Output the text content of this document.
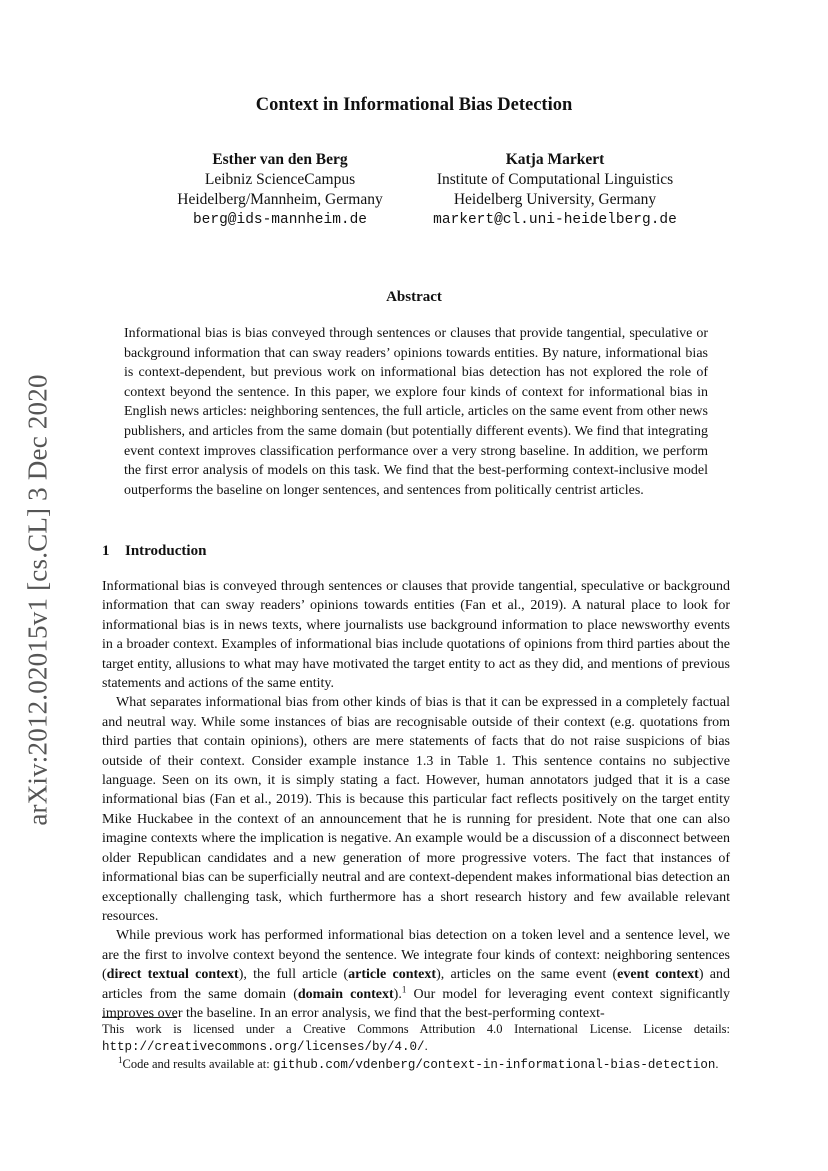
arXiv:2012.02015v1 [cs.CL] 3 Dec 2020
Context in Informational Bias Detection
Esther van den Berg
Leibniz ScienceCampus
Heidelberg/Mannheim, Germany
berg@ids-mannheim.de
Katja Markert
Institute of Computational Linguistics
Heidelberg University, Germany
markert@cl.uni-heidelberg.de
Abstract

Informational bias is bias conveyed through sentences or clauses that provide tangential, speculative or background information that can sway readers’ opinions towards entities. By nature, informational bias is context-dependent, but previous work on informational bias detection has not explored the role of context beyond the sentence. In this paper, we explore four kinds of context for informational bias in English news articles: neighboring sentences, the full article, articles on the same event from other news publishers, and articles from the same domain (but potentially different events). We find that integrating event context improves classification performance over a very strong baseline. In addition, we perform the first error analysis of models on this task. We find that the best-performing context-inclusive model outperforms the baseline on longer sentences, and sentences from politically centrist articles.

1 Introduction

Informational bias is conveyed through sentences or clauses that provide tangential, speculative or background information that can sway readers’ opinions towards entities (Fan et al., 2019). A natural place to look for informational bias is in news texts, where journalists use background information to place newsworthy events in a broader context. Examples of informational bias include quotations of opinions from third parties about the target entity, allusions to what may have motivated the target entity to act as they did, and mentions of previous statements and actions of the same entity.

What separates informational bias from other kinds of bias is that it can be expressed in a completely factual and neutral way. While some instances of bias are recognisable outside of their context (e.g. quotations from third parties that contain opinions), others are mere statements of facts that do not raise suspicions of bias outside of their context. Consider example instance 1.3 in Table 1. This sentence contains no subjective language. Seen on its own, it is simply stating a fact. However, human annotators judged that it is a case informational bias (Fan et al., 2019). This is because this particular fact reflects positively on the target entity Mike Huckabee in the context of an announcement that he is running for president. Note that one can also imagine contexts where the implication is negative. An example would be a discussion of a disconnect between older Republican candidates and a new generation of more progressive voters. The fact that instances of informational bias can be superficially neutral and are context-dependent makes informational bias detection an exceptionally challenging task, which furthermore has a short research history and few available relevant resources.

While previous work has performed informational bias detection on a token level and a sentence level, we are the first to involve context beyond the sentence. We integrate four kinds of context: neighboring sentences (direct textual context), the full article (article context), articles on the same event (event context) and articles from the same domain (domain context).$^1$ Our model for leveraging event context significantly improves over the baseline. In an error analysis, we find that the best-performing context-

This work is licensed under a Creative Commons Attribution 4.0 International License. License details: http://creativecommons.org/licenses/by/4.0/.

$^1$Code and results available at: github.com/vdenberg/context-in-informational-bias-detection.
